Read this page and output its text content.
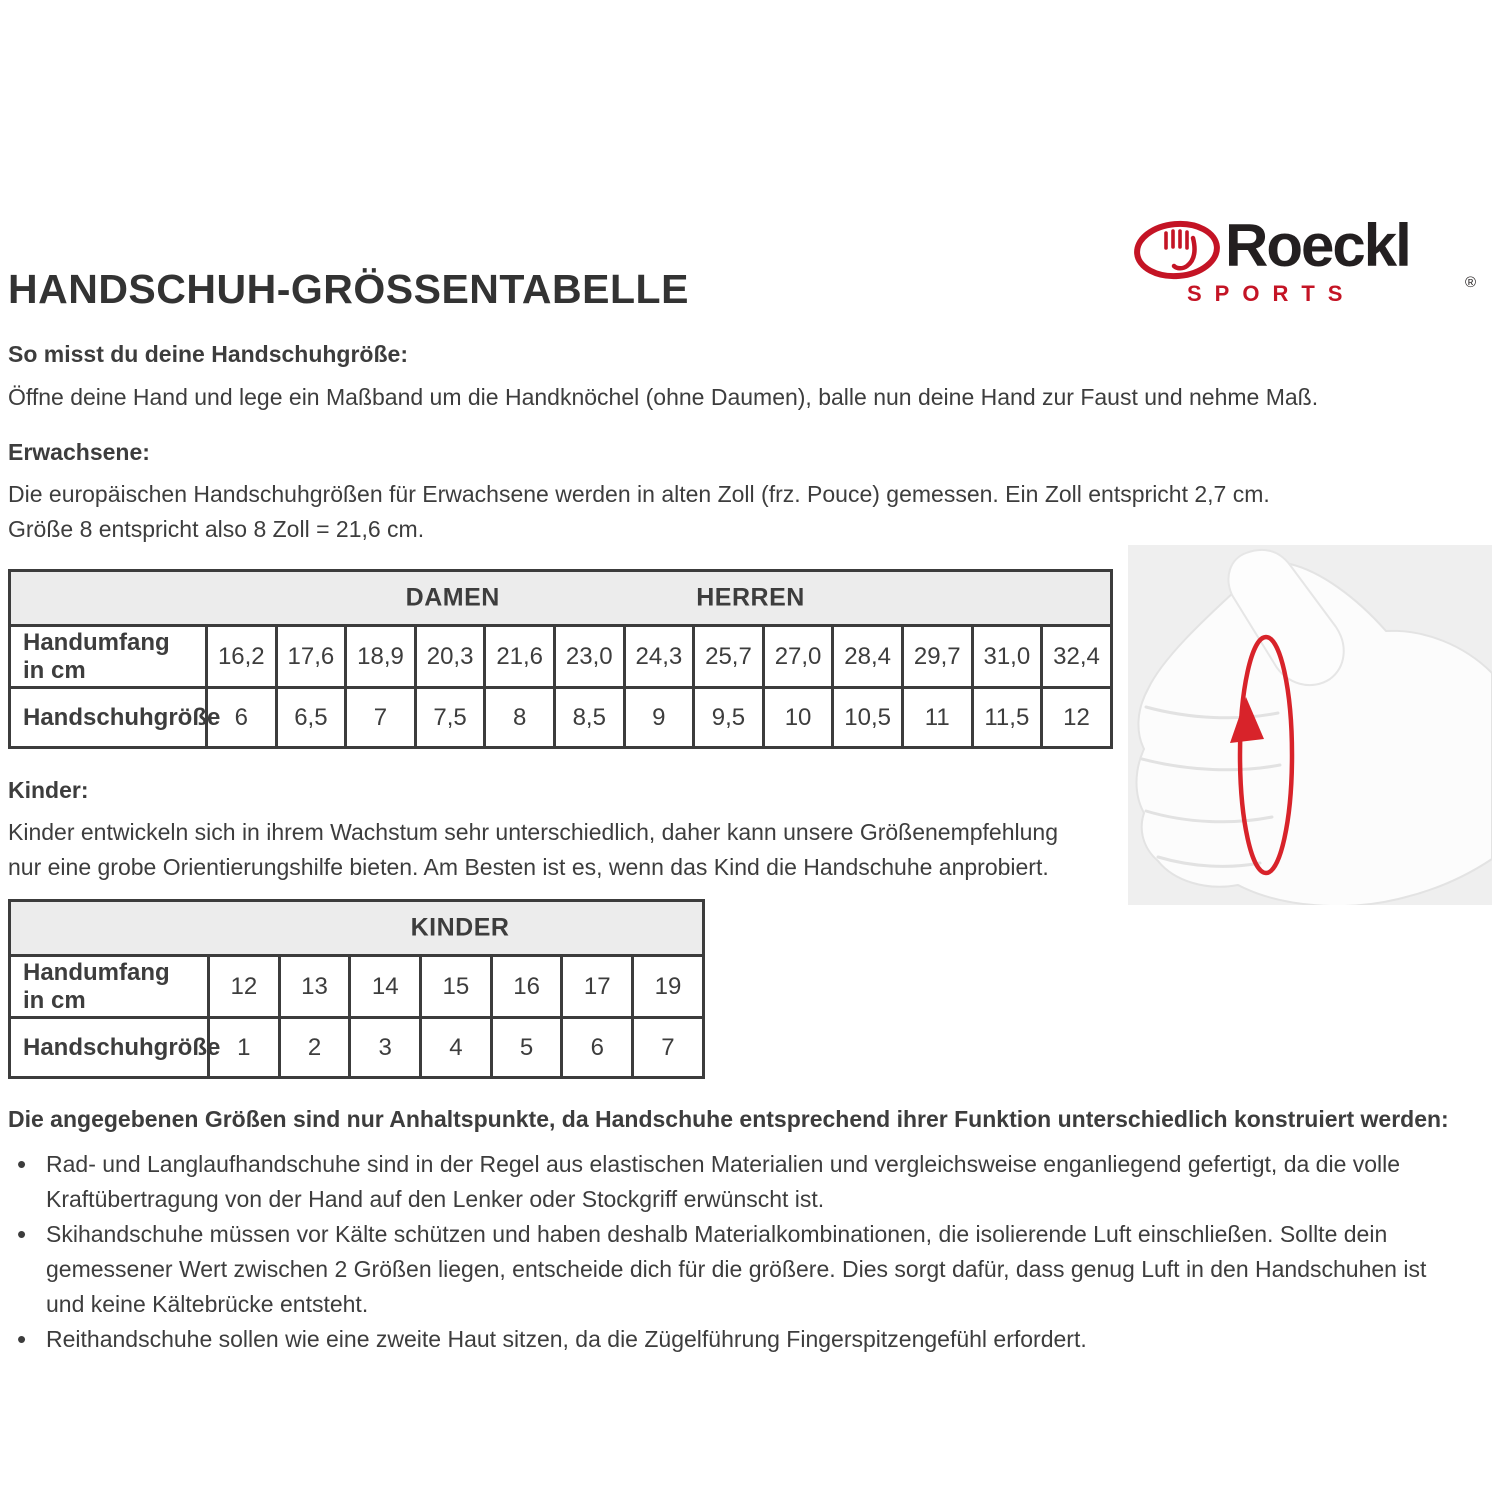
HANDSCHUH-GRÖSSENTABELLE
Roeckl
®
SPORTS

So misst du deine Handschuhgröße:

Öffne deine Hand und lege ein Maßband um die Handknöchel (ohne Daumen), balle nun deine Hand zur Faust und nehme Maß.

Erwachsene:

Die europäischen Handschuhgrößen für Erwachsene werden in alten Zoll (frz. Pouce) gemessen. Ein Zoll entspricht 2,7 cm.
Größe 8 entspricht also 8 Zoll = 21,6 cm.

DAMEN HERREN													

Handumfang
in cm	16,2	17,6	18,9	20,3	21,6	23,0	24,3	25,7	27,0	28,4	29,7	31,0	32,4
Handschuhgröße	6	6,5	7	7,5	8	8,5	9	9,5	10	10,5	11	11,5	12

Kinder:

Kinder entwickeln sich in ihrem Wachstum sehr unterschiedlich, daher kann unsere Größenempfehlung
nur eine grobe Orientierungshilfe bieten. Am Besten ist es, wenn das Kind die Handschuhe anprobiert.

KINDER							

Handumfang
in cm	12	13	14	15	16	17	19
Handschuhgröße	1	2	3	4	5	6	7

Die angegebenen Größen sind nur Anhaltspunkte, da Handschuhe entsprechend ihrer Funktion unterschiedlich konstruiert werden:

• Rad- und Langlaufhandschuhe sind in der Regel aus elastischen Materialien und vergleichsweise enganliegend gefertigt, da die volle Kraftübertragung von der Hand auf den Lenker oder Stockgriff erwünscht ist.
• Skihandschuhe müssen vor Kälte schützen und haben deshalb Materialkombinationen, die isolierende Luft einschließen. Sollte dein gemessener Wert zwischen 2 Größen liegen, entscheide dich für die größere. Dies sorgt dafür, dass genug Luft in den Handschuhen ist und keine Kältebrücke entsteht.
• Reithandschuhe sollen wie eine zweite Haut sitzen, da die Zügelführung Fingerspitzengefühl erfordert.
